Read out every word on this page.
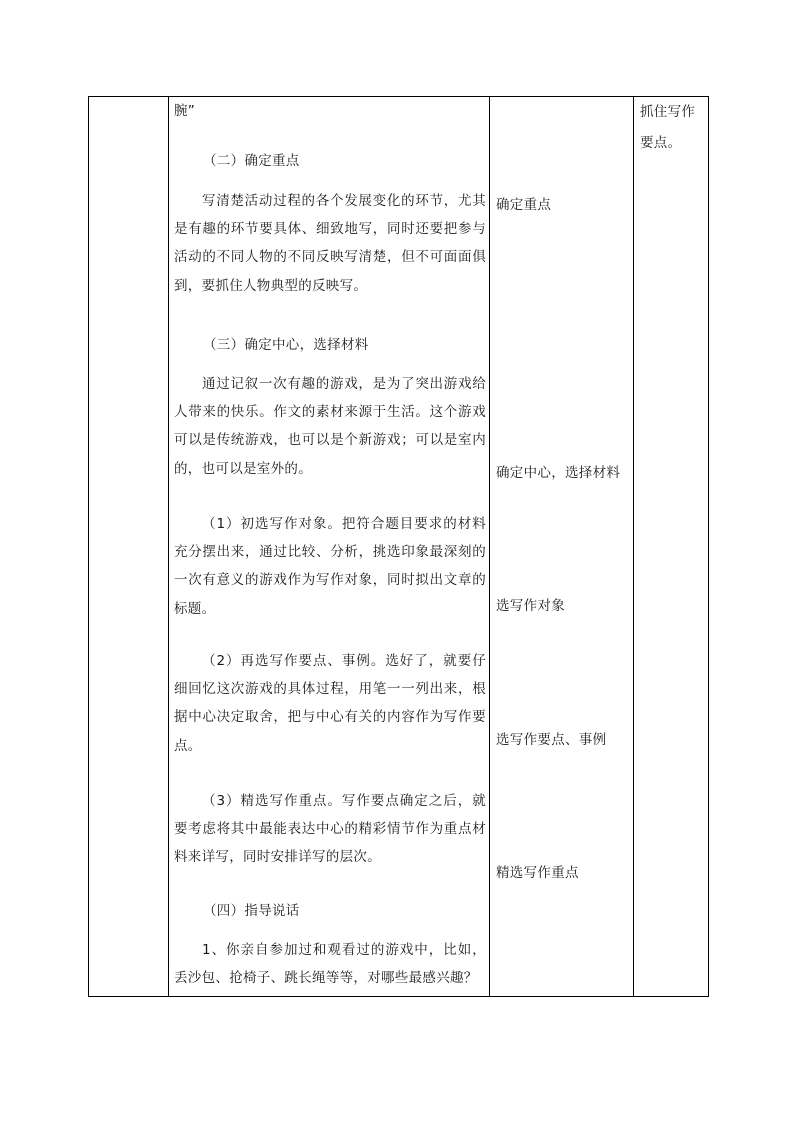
腕”
（二）确定重点
写清楚活动过程的各个发展变化的环节，尤其是有趣的环节要具体、细致地写，同时还要把参与活动的不同人物的不同反映写清楚，但不可面面俱到，要抓住人物典型的反映写。
（三）确定中心，选择材料
通过记叙一次有趣的游戏，是为了突出游戏给人带来的快乐。作文的素材来源于生活。这个游戏可以是传统游戏，也可以是个新游戏；可以是室内的，也可以是室外的。
（1）初选写作对象。把符合题目要求的材料充分摆出来，通过比较、分析，挑选印象最深刻的一次有意义的游戏作为写作对象，同时拟出文章的标题。
（2）再选写作要点、事例。选好了，就要仔细回忆这次游戏的具体过程，用笔一一列出来，根据中心决定取舍，把与中心有关的内容作为写作要点。
（3）精选写作重点。写作要点确定之后，就要考虑将其中最能表达中心的精彩情节作为重点材料来详写，同时安排详写的层次。
（四）指导说话
1、你亲自参加过和观看过的游戏中，比如，丢沙包、抢椅子、跳长绳等等，对哪些最感兴趣？

确定重点
确定中心，选择材料
选写作对象
选写作要点、事例
精选写作重点

抓住写作要点。
